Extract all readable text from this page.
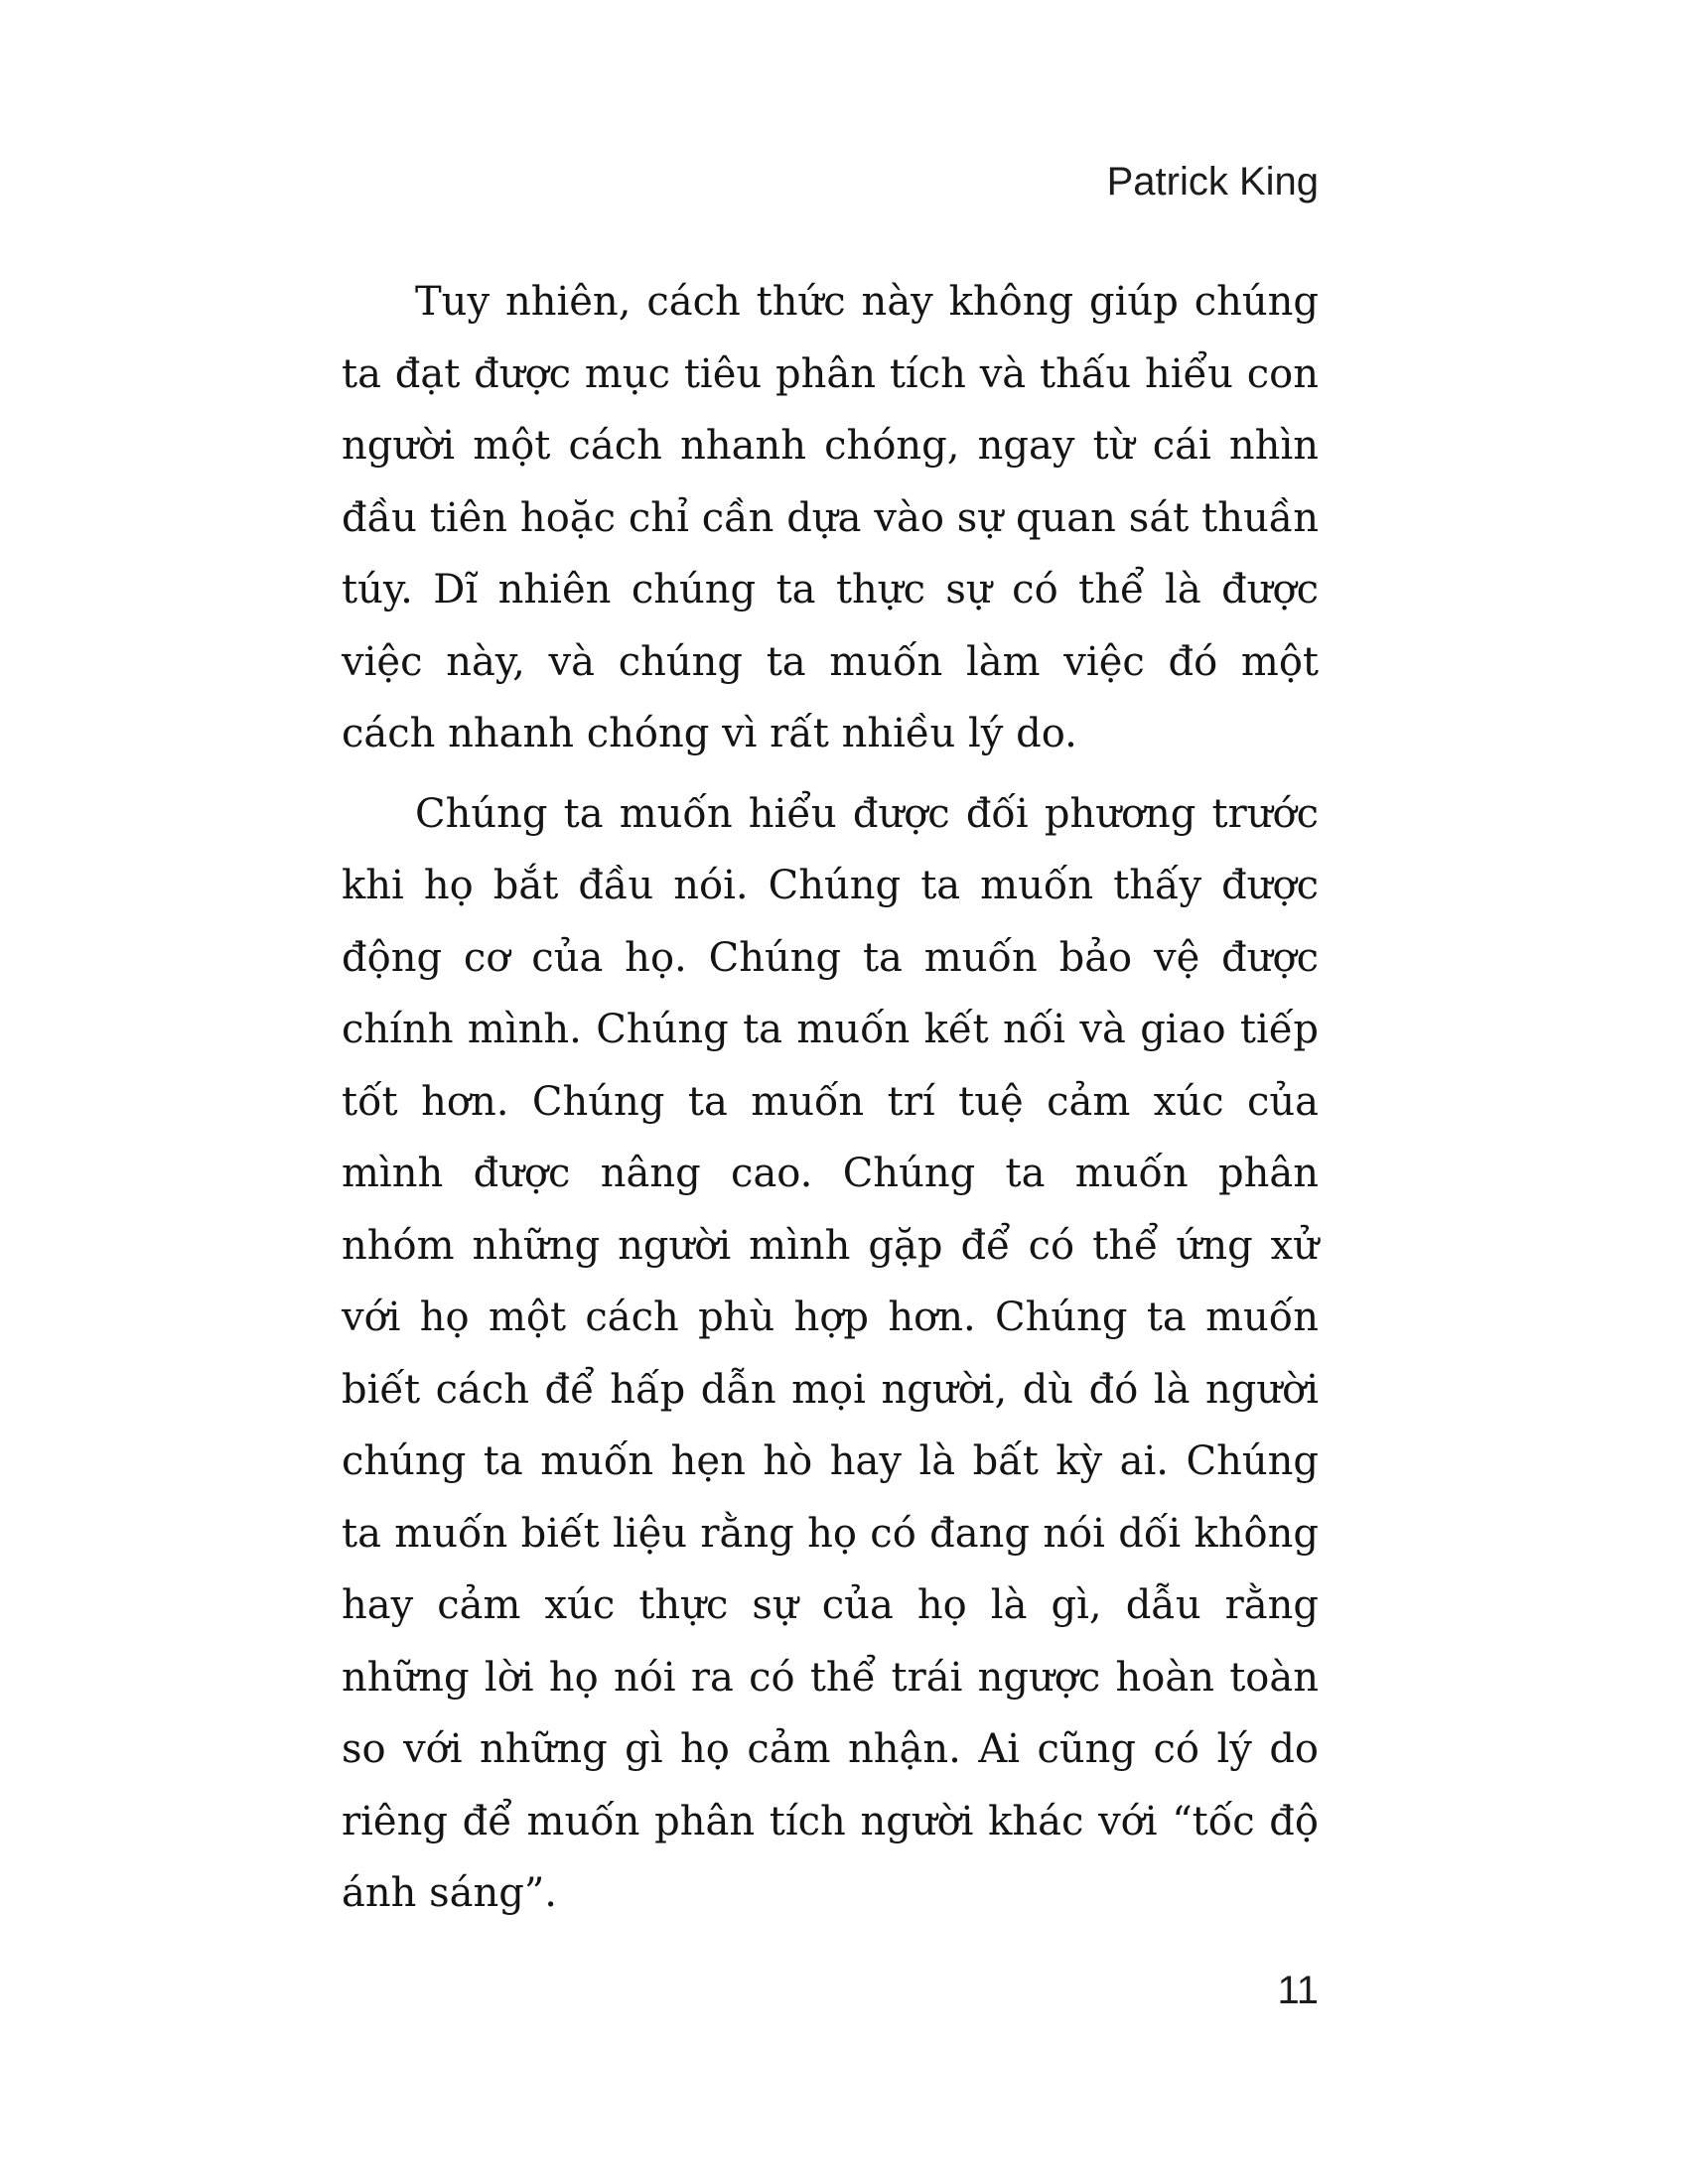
Patrick King

Tuy nhiên, cách thức này không giúp chúng ta đạt được mục tiêu phân tích và thấu hiểu con người một cách nhanh chóng, ngay từ cái nhìn đầu tiên hoặc chỉ cần dựa vào sự quan sát thuần túy. Dĩ nhiên chúng ta thực sự có thể là được việc này, và chúng ta muốn làm việc đó một cách nhanh chóng vì rất nhiều lý do.

Chúng ta muốn hiểu được đối phương trước khi họ bắt đầu nói. Chúng ta muốn thấy được động cơ của họ. Chúng ta muốn bảo vệ được chính mình. Chúng ta muốn kết nối và giao tiếp tốt hơn. Chúng ta muốn trí tuệ cảm xúc của mình được nâng cao. Chúng ta muốn phân nhóm những người mình gặp để có thể ứng xử với họ một cách phù hợp hơn. Chúng ta muốn biết cách để hấp dẫn mọi người, dù đó là người chúng ta muốn hẹn hò hay là bất kỳ ai. Chúng ta muốn biết liệu rằng họ có đang nói dối không hay cảm xúc thực sự của họ là gì, dẫu rằng những lời họ nói ra có thể trái ngược hoàn toàn so với những gì họ cảm nhận. Ai cũng có lý do riêng để muốn phân tích người khác với “tốc độ ánh sáng”.

11
